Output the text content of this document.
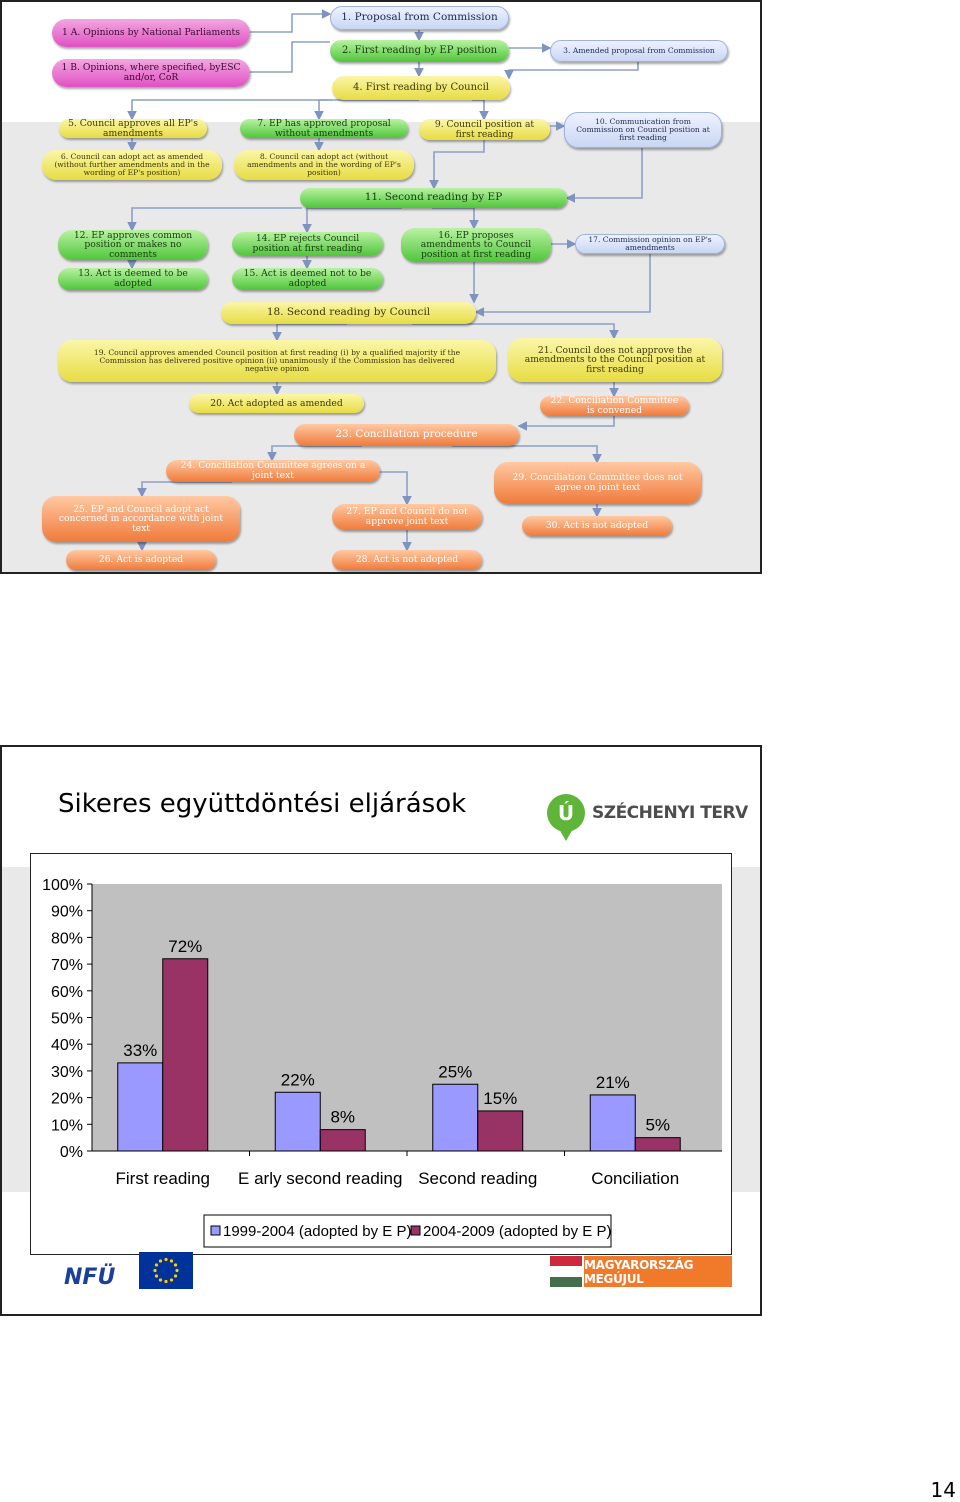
1 A. Opinions by National Parliaments
1 B. Opinions, where specified, byESC and/or, CoR
1. Proposal from Commission
2. First reading by EP position	3. Amended proposal from Commission
4. First reading by Council
5. Council approves all EP's amendments
6. Council can adopt act as amended (without further amendments and in the wording of EP's position)
7. EP has approved proposal without amendments
8. Council can adopt act (without amendments and in the wording of EP's position)
9. Council position at first reading
10. Communication from Commission on Council position at first reading
11. Second reading by EP
12. EP approves common position or makes no comments
13. Act is deemed to be adopted
14. EP rejects Council position at first reading
15. Act is deemed not to be adopted
16. EP proposes amendments to Council position at first reading
17. Commission opinion on EP's amendments
18. Second reading by Council
19. Council approves amended Council position at first reading (i) by a qualified majority if the Commission has delivered positive opinion (ii) unanimously if the Commission has delivered negative opinion
21. Council does not approve the amendments to the Council position at first reading
20. Act adopted as amended	22. Conciliation Committee is convened
23. Conciliation procedure
24. Conciliation Committee agrees on a joint text	29. Conciliation Committee does not agree on joint text
25. EP and Council adopt act concerned in accordance with joint text
27. EP and Council do not approve joint text	30. Act is not adopted
26. Act is adopted	28. Act is not adopted
Sikeres együttdöntési eljárások	Ú	SZÉCHENYI TERV
100%
90%
80%
70%
60%
50%
40%
30%
20%
10%
0%
33%
72%
First reading
22%
8%
E arly second reading
25%
15%
Second reading
21%
5%
Conciliation
1999-2004 (adopted by E P) 2004-2009 (adopted by E P)
NFÜ
MAGYARORSZÁG MEGÚJUL
14
